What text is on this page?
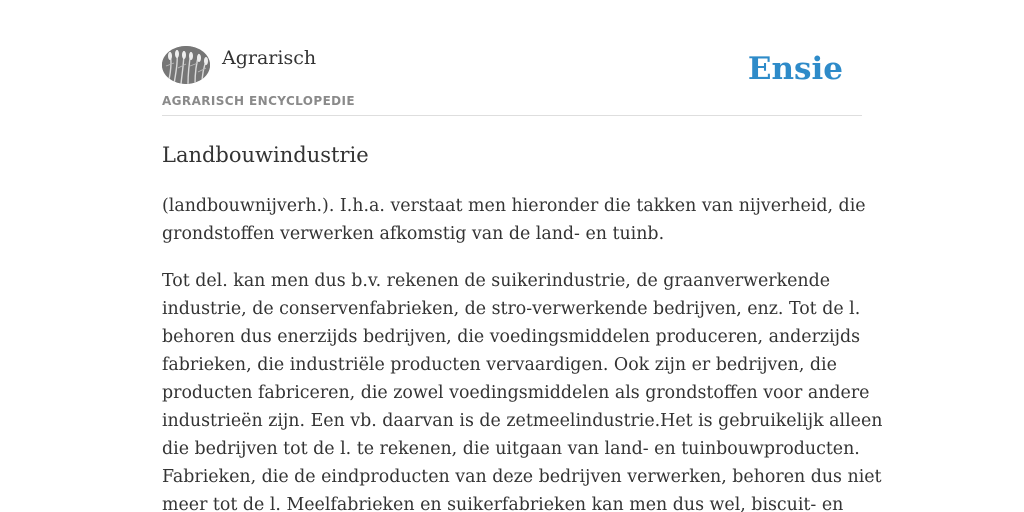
Agrarisch
AGRARISCH ENCYCLOPEDIE
Ensie
Landbouwindustrie

(landbouwnijverh.). I.h.a. verstaat men hieronder die takken van nijverheid, die
grondstoffen verwerken afkomstig van de land- en tuinb.

Tot del. kan men dus b.v. rekenen de suikerindustrie, de graanverwerkende
industrie, de conservenfabrieken, de stro-verwerkende bedrijven, enz. Tot de l.
behoren dus enerzijds bedrijven, die voedingsmiddelen produceren, anderzijds
fabrieken, die industriële producten vervaardigen. Ook zijn er bedrijven, die
producten fabriceren, die zowel voedingsmiddelen als grondstoffen voor andere
industrieën zijn. Een vb. daarvan is de zetmeelindustrie.Het is gebruikelijk alleen
die bedrijven tot de l. te rekenen, die uitgaan van land- en tuinbouwproducten.
Fabrieken, die de eindproducten van deze bedrijven verwerken, behoren dus niet
meer tot de l. Meelfabrieken en suikerfabrieken kan men dus wel, biscuit- en
